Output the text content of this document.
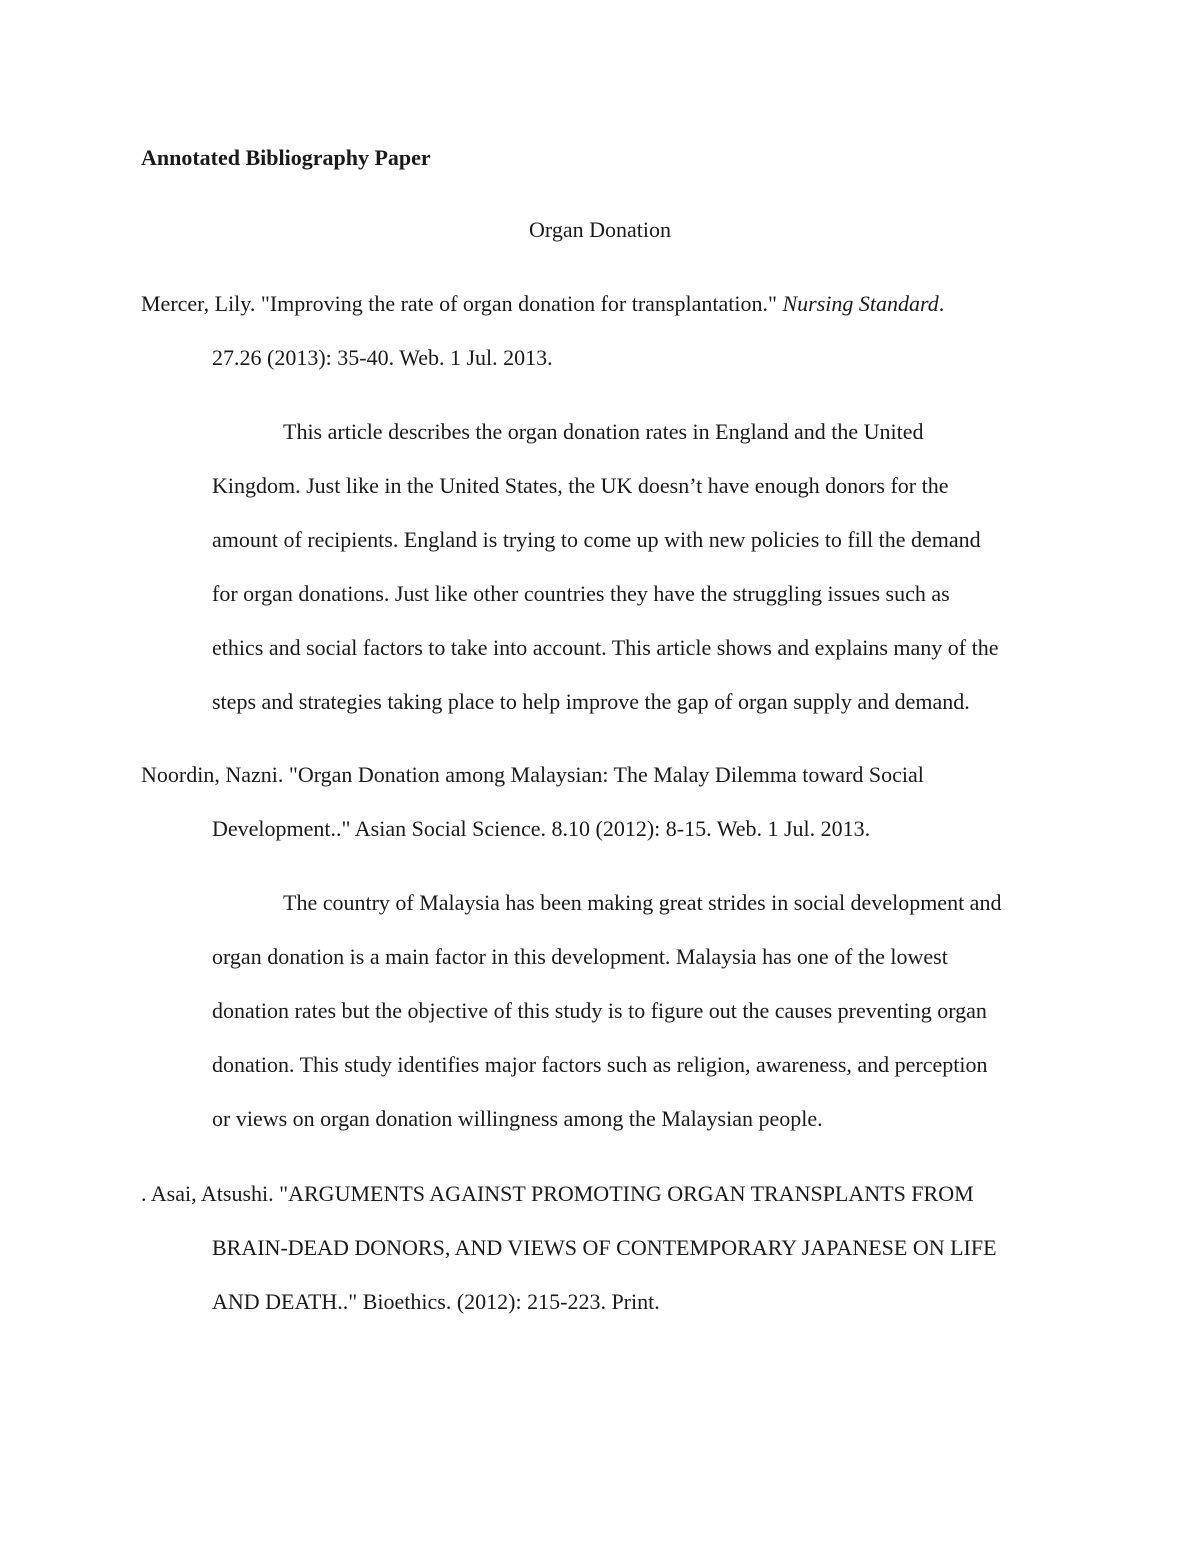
Annotated Bibliography Paper

Organ Donation

Mercer, Lily. "Improving the rate of organ donation for transplantation." Nursing Standard.

27.26 (2013): 35-40. Web. 1 Jul. 2013.

This article describes the organ donation rates in England and the United

Kingdom. Just like in the United States, the UK doesn’t have enough donors for the

amount of recipients. England is trying to come up with new policies to fill the demand

for organ donations. Just like other countries they have the struggling issues such as

ethics and social factors to take into account. This article shows and explains many of the

steps and strategies taking place to help improve the gap of organ supply and demand.

Noordin, Nazni. "Organ Donation among Malaysian: The Malay Dilemma toward Social

Development.." Asian Social Science. 8.10 (2012): 8-15. Web. 1 Jul. 2013.

The country of Malaysia has been making great strides in social development and

organ donation is a main factor in this development. Malaysia has one of the lowest

donation rates but the objective of this study is to figure out the causes preventing organ

donation. This study identifies major factors such as religion, awareness, and perception

or views on organ donation willingness among the Malaysian people.

. Asai, Atsushi. "ARGUMENTS AGAINST PROMOTING ORGAN TRANSPLANTS FROM

BRAIN-DEAD DONORS, AND VIEWS OF CONTEMPORARY JAPANESE ON LIFE

AND DEATH.." Bioethics. (2012): 215-223. Print.
